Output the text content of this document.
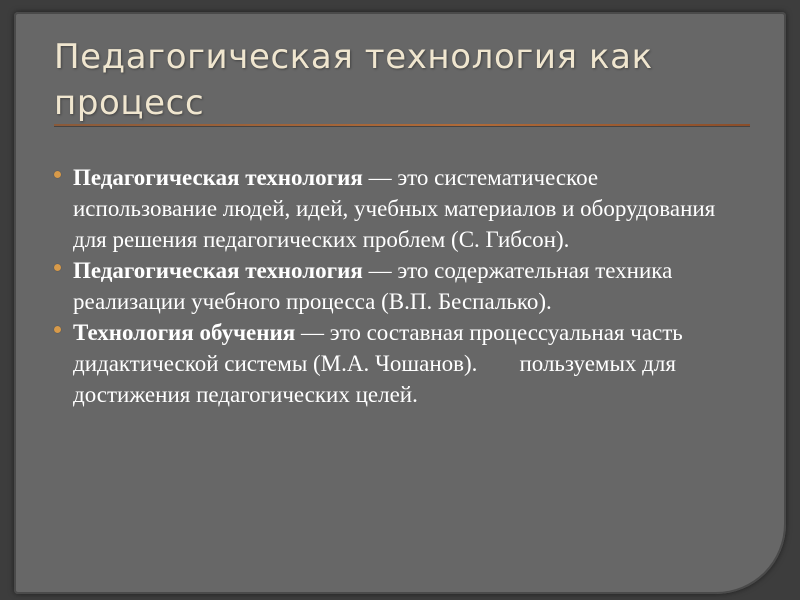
Педагогическая технология как процесс
Педагогическая технология — это систематическое использование людей, идей, учебных материалов и оборудования для решения педагогических проблем (С. Гибсон).
Педагогическая технология — это содержательная техника реализации учебного процесса (В.П. Беспалько).
Технология обучения — это составная процессуальная часть дидактической системы (М.А. Чошанов). пользуемых для достижения педагогических целей.
